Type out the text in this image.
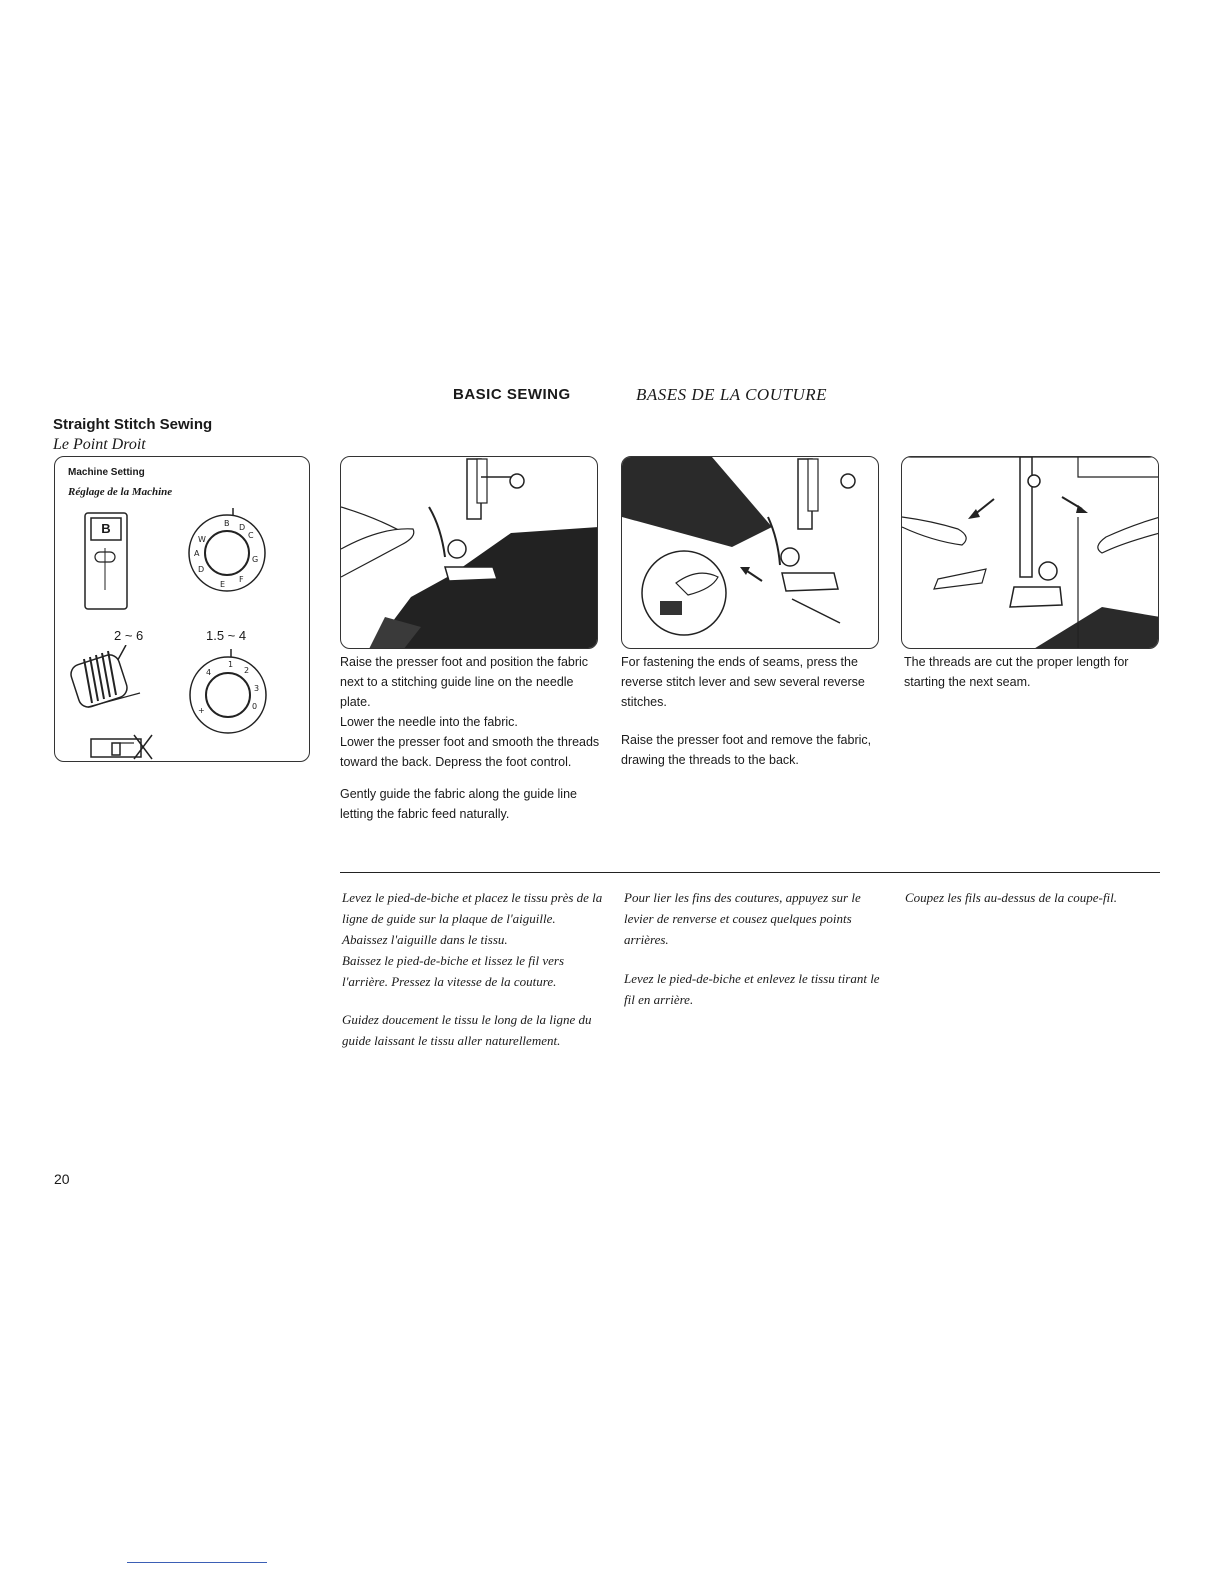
BASIC SEWING	BASES DE LA COUTURE
Straight Stitch Sewing
Le Point Droit
Machine Setting
Réglage de la Machine
B	B D
C
W
A
D
E
F
G
2 ~ 6	1.5 ~ 4
1
4	2
3
0
+

Raise the presser foot and position the fabric next to a stitching guide line on the needle plate.

Lower the needle into the fabric.

Lower the presser foot and smooth the threads toward the back. Depress the foot control.

Gently guide the fabric along the guide line letting the fabric feed naturally.

For fastening the ends of seams, press the reverse stitch lever and sew several reverse stitches.

Raise the presser foot and remove the fabric, drawing the threads to the back.

The threads are cut the proper length for starting the next seam.

Levez le pied-de-biche et placez le tissu près de la ligne de guide sur la plaque de l'aiguille.

Abaissez l'aiguille dans le tissu.

Baissez le pied-de-biche et lissez le fil vers l'arrière. Pressez la vitesse de la couture.

Guidez doucement le tissu le long de la ligne du guide laissant le tissu aller naturellement.

Pour lier les fins des coutures, appuyez sur le levier de renverse et cousez quelques points arrières.

Levez le pied-de-biche et enlevez le tissu tirant le fil en arrière.

Coupez les fils au-dessus de la coupe-fil.

20
